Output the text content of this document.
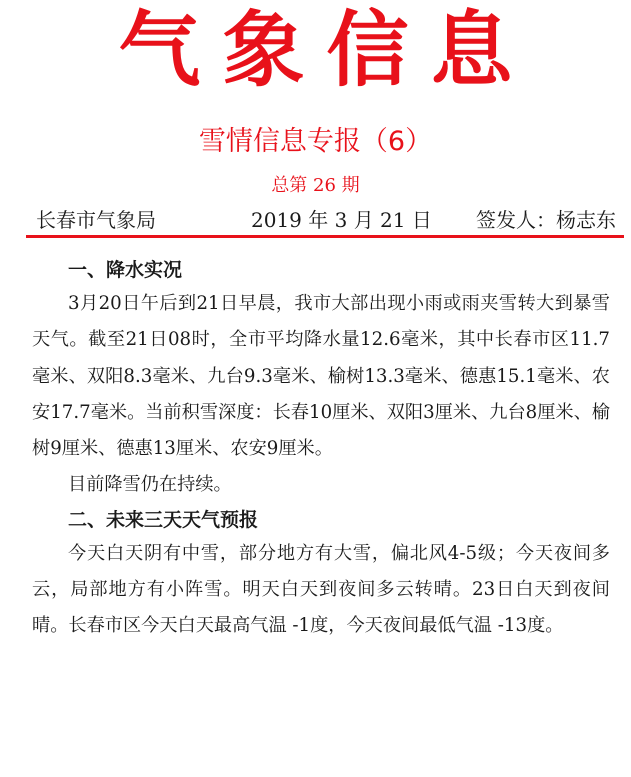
气象信息
雪情信息专报（6）
总第 26 期
长春市气象局	2019 年 3 月 21 日 签发人：杨志东
一、降水实况

3月20日午后到21日早晨，我市大部出现小雨或雨夹雪转大到暴雪天气。截至21日08时，全市平均降水量12.6毫米，其中长春市区11.7毫米、双阳8.3毫米、九台9.3毫米、榆树13.3毫米、德惠15.1毫米、农安17.7毫米。当前积雪深度：长春10厘米、双阳3厘米、九台8厘米、榆树9厘米、德惠13厘米、农安9厘米。

目前降雪仍在持续。

二、未来三天天气预报

今天白天阴有中雪，部分地方有大雪，偏北风4-5级；今天夜间多云，局部地方有小阵雪。明天白天到夜间多云转晴。23日白天到夜间晴。长春市区今天白天最高气温 -1度，今天夜间最低气温 -13度。
